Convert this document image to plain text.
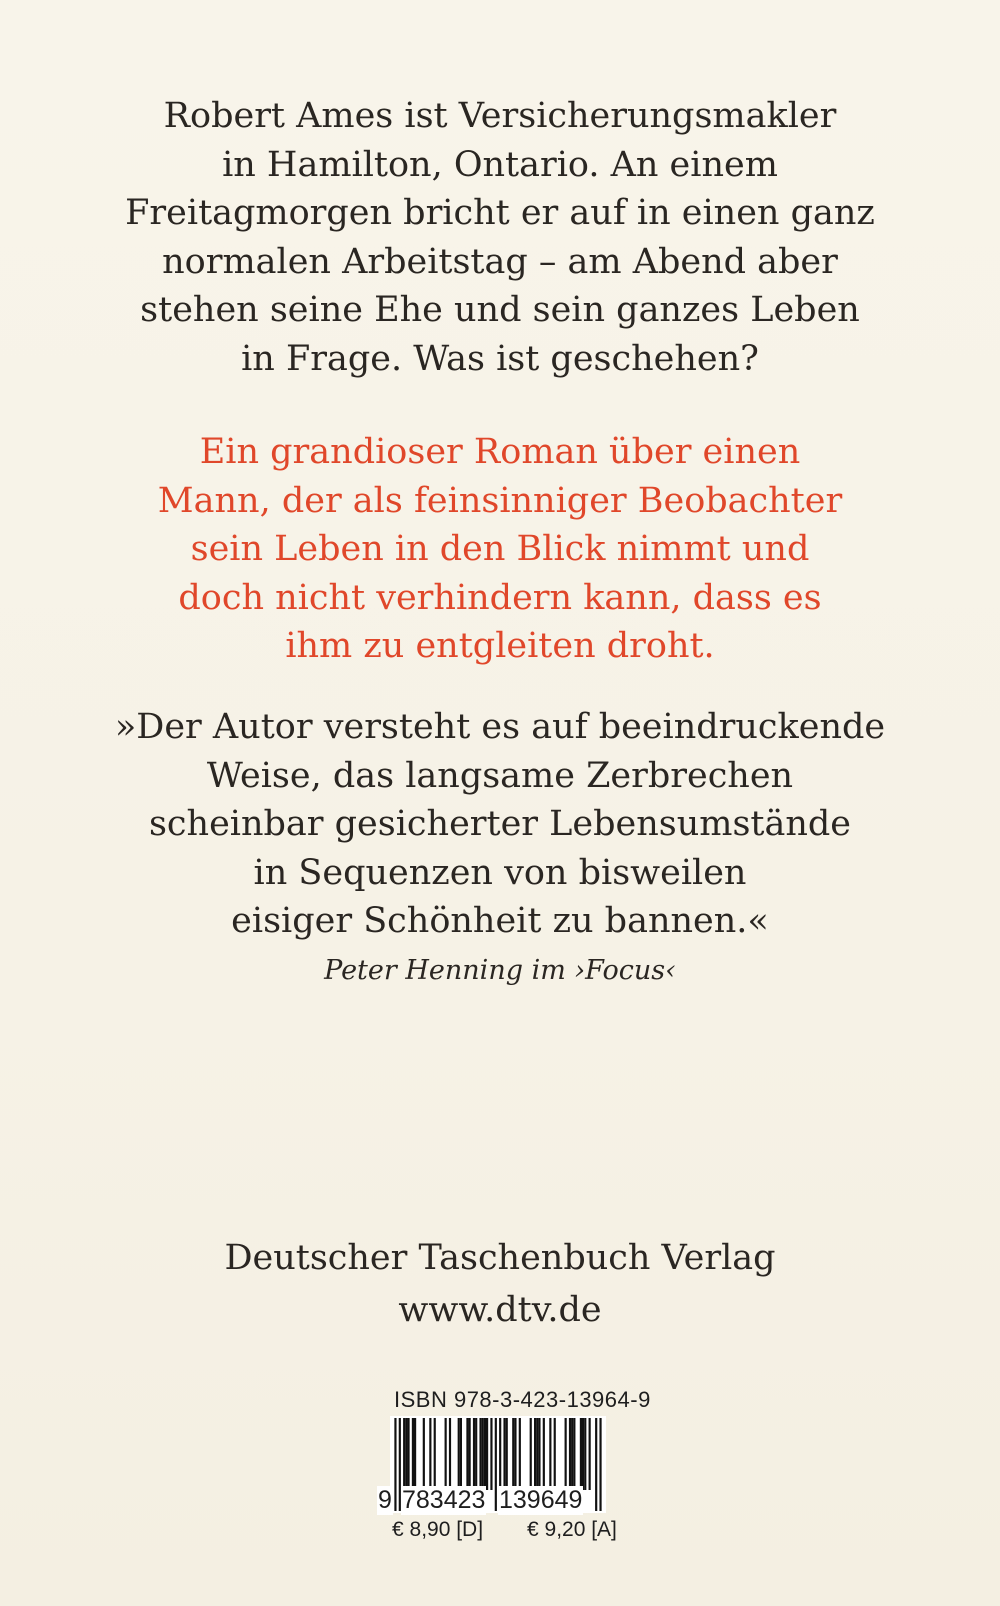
Robert Ames ist Versicherungsmakler
in Hamilton, Ontario. An einem
Freitagmorgen bricht er auf in einen ganz
normalen Arbeitstag – am Abend aber
stehen seine Ehe und sein ganzes Leben
in Frage. Was ist geschehen?
Ein grandioser Roman über einen
Mann, der als feinsinniger Beobachter
sein Leben in den Blick nimmt und
doch nicht verhindern kann, dass es
ihm zu entgleiten droht.
»Der Autor versteht es auf beeindruckende
Weise, das langsame Zerbrechen
scheinbar gesicherter Lebensumstände
in Sequenzen von bisweilen
eisiger Schönheit zu bannen.«
Peter Henning im ›Focus‹
Deutscher Taschenbuch Verlag
www.dtv.de
ISBN 978-3-423-13964-9
9 783423 139649
€ 8,90 [D] € 9,20 [A]
